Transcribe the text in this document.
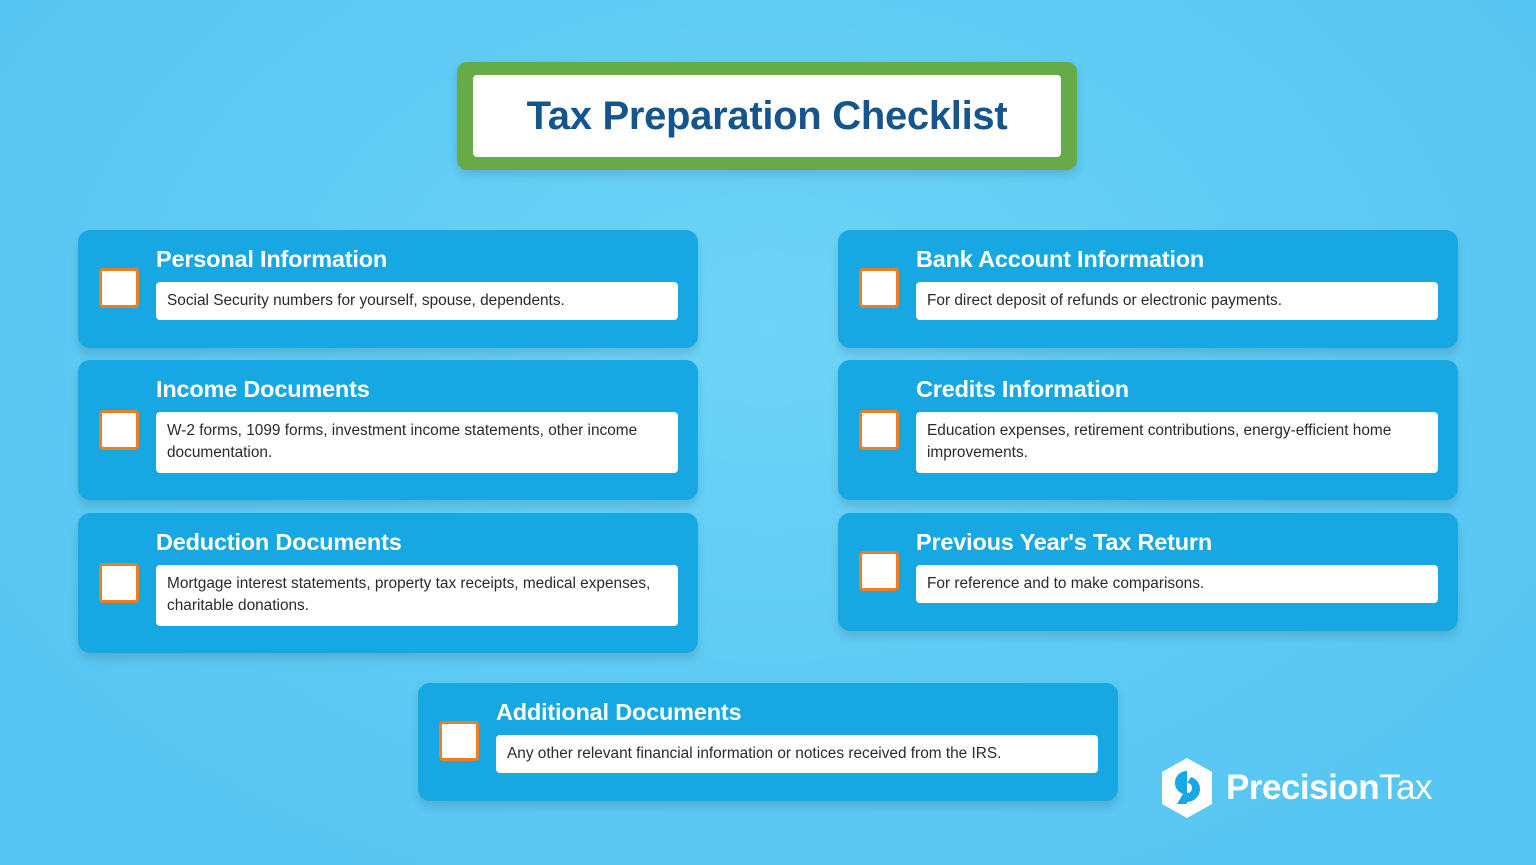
Tax Preparation Checklist
Personal Information
Social Security numbers for yourself, spouse, dependents.
Income Documents
W-2 forms, 1099 forms, investment income statements, other income documentation.
Deduction Documents
Mortgage interest statements, property tax receipts, medical expenses, charitable donations.
Bank Account Information
For direct deposit of refunds or electronic payments.
Credits Information
Education expenses, retirement contributions, energy-efficient home improvements.
Previous Year's Tax Return
For reference and to make comparisons.
Additional Documents
Any other relevant financial information or notices received from the IRS.
PrecisionTax
